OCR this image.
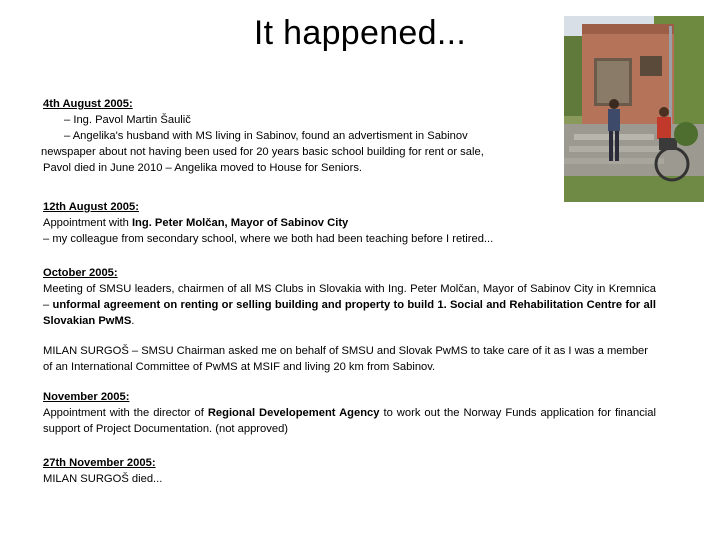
It happened...
4th August 2005:
– Ing. Pavol Martin Šaulič
– Angelika's husband with MS living in Sabinov, found an advertisment in Sabinov
newspaper about not having been used for 20 years basic school building for rent or sale,
Pavol died in June 2010 – Angelika moved to House for Seniors.
12th August 2005:
Appointment with Ing. Peter Molčan, Mayor of Sabinov City
– my colleague from secondary school, where we both had been teaching before I retired...
October 2005:
Meeting of SMSU leaders, chairmen of all MS Clubs in Slovakia with Ing. Peter Molčan, Mayor of Sabinov City in Kremnica – unformal agreement on renting or selling building and property to build 1. Social and Rehabilitation Centre for all Slovakian PwMS.
MILAN SURGOŠ – SMSU Chairman asked me on behalf of SMSU and Slovak PwMS to take care of it as I was a member of an International Committee of PwMS at MSIF and living 20 km from Sabinov.
November 2005:
Appointment with the director of Regional Developement Agency to work out the Norway Funds application for financial support of Project Documentation. (not approved)
27th November 2005:
MILAN SURGOŠ died...
